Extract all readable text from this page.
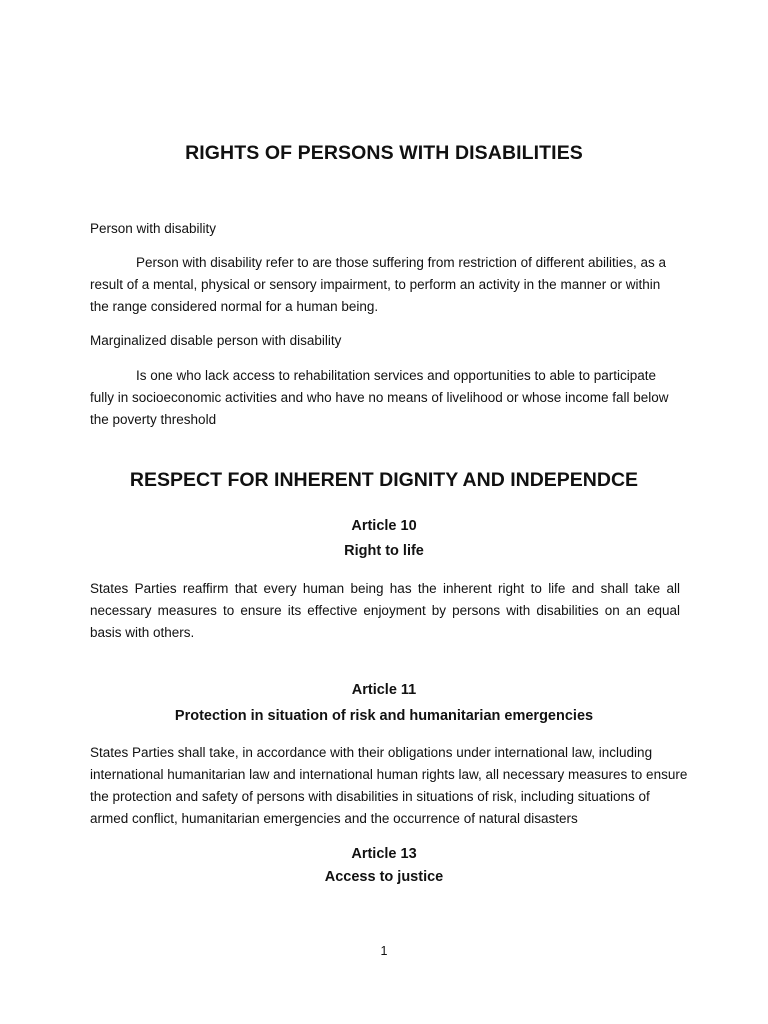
RIGHTS OF PERSONS WITH DISABILITIES
Person with disability
Person with disability refer to are those suffering from restriction of different abilities, as a result of a mental, physical or sensory impairment, to perform an activity in the manner or within the range considered normal for a human being.
Marginalized disable person with disability
Is one who lack access to rehabilitation services and opportunities to able to participate fully in socioeconomic activities and who have no means of livelihood or whose income fall below the poverty threshold
RESPECT FOR INHERENT DIGNITY AND INDEPENDCE
Article 10
Right to life
States Parties reaffirm that every human being has the inherent right to life and shall take all necessary measures to ensure its effective enjoyment by persons with disabilities on an equal basis with others.
Article 11
Protection in situation of risk and humanitarian emergencies
States Parties shall take, in accordance with their obligations under international law, including international humanitarian law and international human rights law, all necessary measures to ensure the protection and safety of persons with disabilities in situations of risk, including situations of armed conflict, humanitarian emergencies and the occurrence of natural disasters
Article 13
Access to justice
1
